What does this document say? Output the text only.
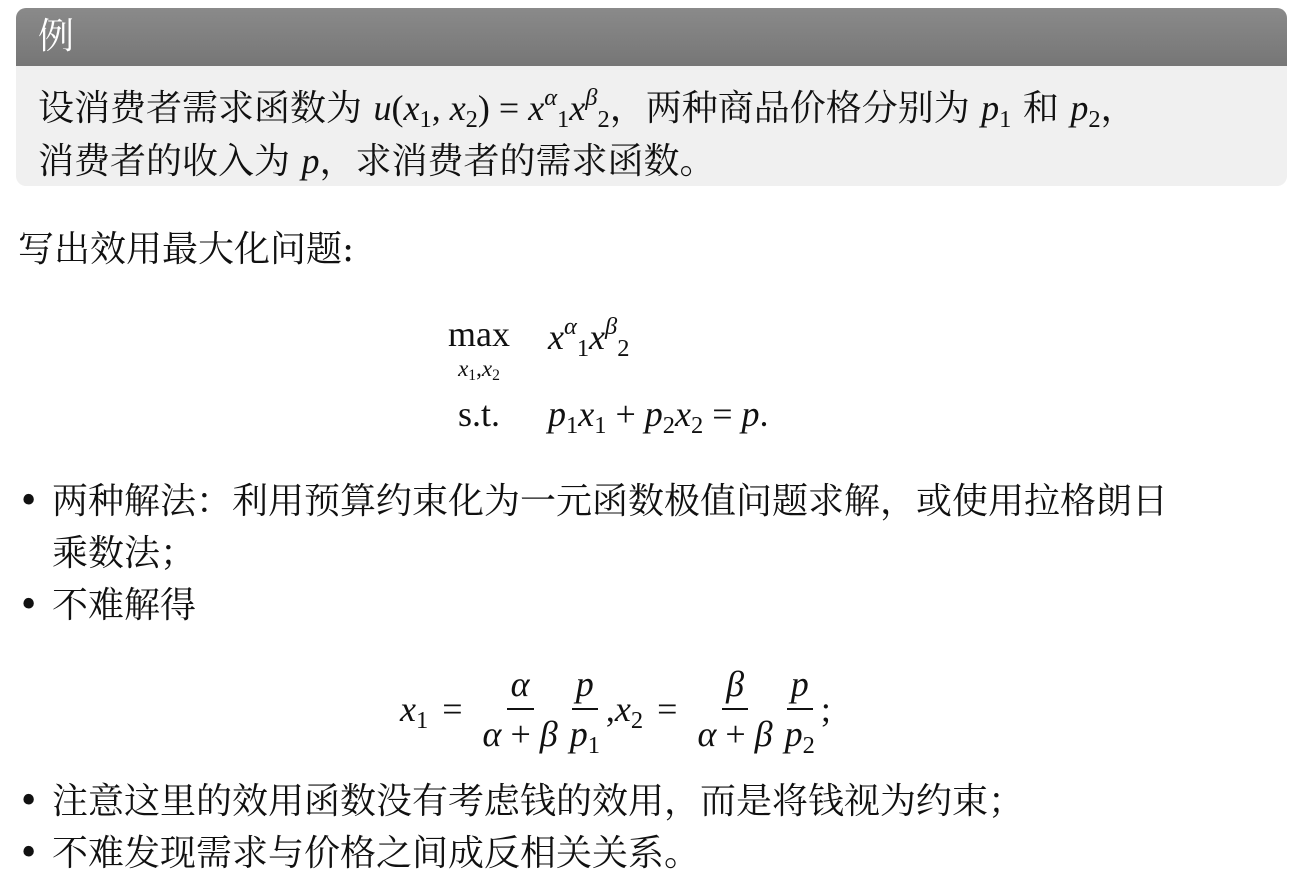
例
设消费者需求函数为 $u(x_1$, $x_2) = x^\alpha_1x^\beta_2$，两种商品价格分别为 $p_1$ 和 $p_2$，
消费者的收入为 p，求消费者的需求函数。
写出效用最大化问题:
max
$x_1,x_2$
$x^\alpha_1x^\beta_2$
s.t. $p_1x_1 + p_2x_2 = p$.
• 两种解法：利用预算约束化为一元函数极值问题求解，或使用拉格朗日
乘数法；
• 不难解得
$x_1 = \frac{\alpha}{\alpha + \beta} \frac{p}{p_1}$ , $x_2 = \frac{\beta}{\alpha + \beta} \frac{p}{p_2}$ ;
• 注意这里的效用函数没有考虑钱的效用，而是将钱视为约束；
• 不难发现需求与价格之间成反相关关系。
